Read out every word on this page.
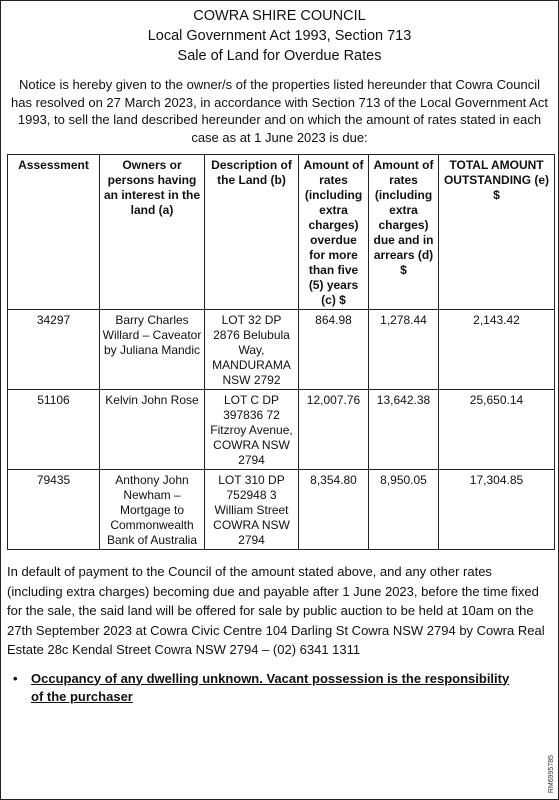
COWRA SHIRE COUNCIL
Local Government Act 1993, Section 713
Sale of Land for Overdue Rates

Notice is hereby given to the owner/s of the properties listed hereunder that Cowra Council has resolved on 27 March 2023, in accordance with Section 713 of the Local Government Act 1993, to sell the land described hereunder and on which the amount of rates stated in each case as at 1 June 2023 is due:

Assessment	Owners or persons having an interest in the land (a)	Description of the Land (b)	Amount of rates (including extra charges) overdue for more than five (5) years (c) $	Amount of rates (including extra charges) due and in arrears (d) $	TOTAL AMOUNT OUTSTANDING (e) $
34297	Barry Charles Willard – Caveator by Juliana Mandic	LOT 32 DP 2876 Belubula Way, MANDURAMA NSW 2792	864.98	1,278.44	2,143.42
51106	Kelvin John Rose	LOT C DP 397836 72 Fitzroy Avenue, COWRA NSW 2794	12,007.76	13,642.38	25,650.14
79435	Anthony John Newham – Mortgage to Commonwealth Bank of Australia	LOT 310 DP 752948 3 William Street COWRA NSW 2794	8,354.80	8,950.05	17,304.85

In default of payment to the Council of the amount stated above, and any other rates (including extra charges) becoming due and payable after 1 June 2023, before the time fixed for the sale, the said land will be offered for sale by public auction to be held at 10am on the 27th September 2023 at Cowra Civic Centre 104 Darling St Cowra NSW 2794 by Cowra Real Estate 28c Kendal Street Cowra NSW 2794 – (02) 6341 1311

•	Occupancy of any dwelling unknown. Vacant possession is the responsibility of the purchaser
RM6995785
